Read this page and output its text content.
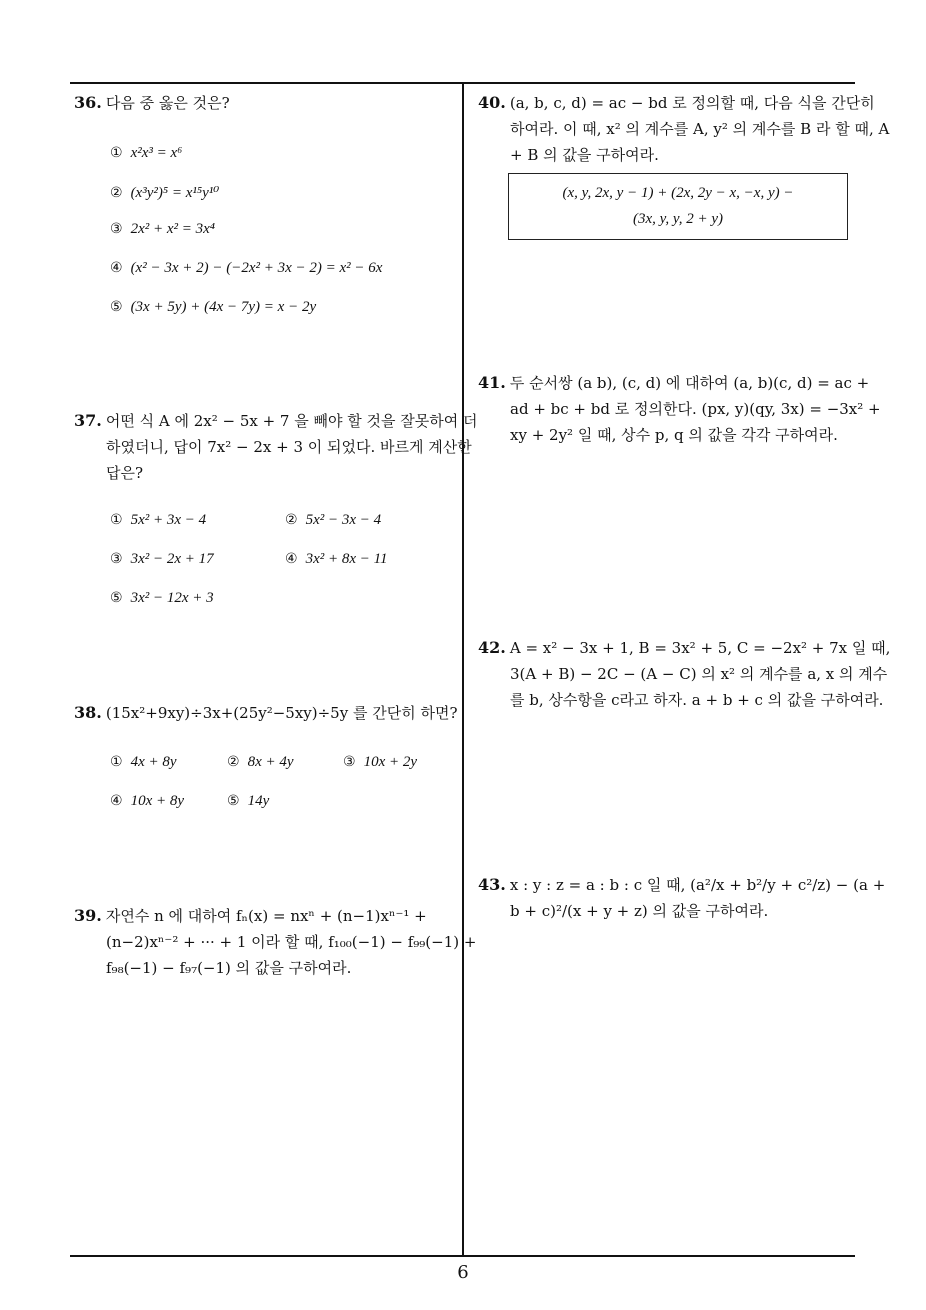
36. 다음 중 옳은 것은?
① x²x³ = x⁶
② (x³y²)⁵ = x¹⁵y¹⁰
③ 2x² + x² = 3x⁴
④ (x² − 3x + 2) − (−2x² + 3x − 2) = x² − 6x
⑤ (3x + 5y) + (4x − 7y) = x − 2y
37. 어떤 식 A 에 2x² − 5x + 7 을 빼야 할 것을 잘못하여 더하였더니, 답이 7x² − 2x + 3 이 되었다. 바르게 계산한 답은?
① 5x² + 3x − 4	② 5x² − 3x − 4
③ 3x² − 2x + 17	④ 3x² + 8x − 11
⑤ 3x² − 12x + 3
38. (15x²+9xy)÷3x+(25y²−5xy)÷5y 를 간단히 하면?
① 4x + 8y	② 8x + 4y	③ 10x + 2y
④ 10x + 8y	⑤ 14y
39. 자연수 n 에 대하여 fₙ(x) = nxⁿ + (n−1)xⁿ⁻¹ + (n−2)xⁿ⁻² + ··· + 1 이라 할 때, f₁₀₀(−1) − f₉₉(−1) + f₉₈(−1) − f₉₇(−1) 의 값을 구하여라.
40. (a, b, c, d) = ac − bd 로 정의할 때, 다음 식을 간단히 하여라. 이 때, x² 의 계수를 A, y² 의 계수를 B 라 할 때, A + B 의 값을 구하여라.
(x, y, 2x, y − 1) + (2x, 2y − x, −x, y) −
(3x, y, y, 2 + y)
41. 두 순서쌍 (a b), (c, d) 에 대하여 (a, b)(c, d) = ac + ad + bc + bd 로 정의한다. (px, y)(qy, 3x) = −3x² + xy + 2y² 일 때, 상수 p, q 의 값을 각각 구하여라.
42. A = x² − 3x + 1, B = 3x² + 5, C = −2x² + 7x 일 때, 3(A + B) − 2C − (A − C) 의 x² 의 계수를 a, x 의 계수를 b, 상수항을 c라고 하자. a + b + c 의 값을 구하여라.
43. x : y : z = a : b : c 일 때, (a²/x + b²/y + c²/z) − (a + b + c)²/(x + y + z) 의 값을 구하여라.
6
